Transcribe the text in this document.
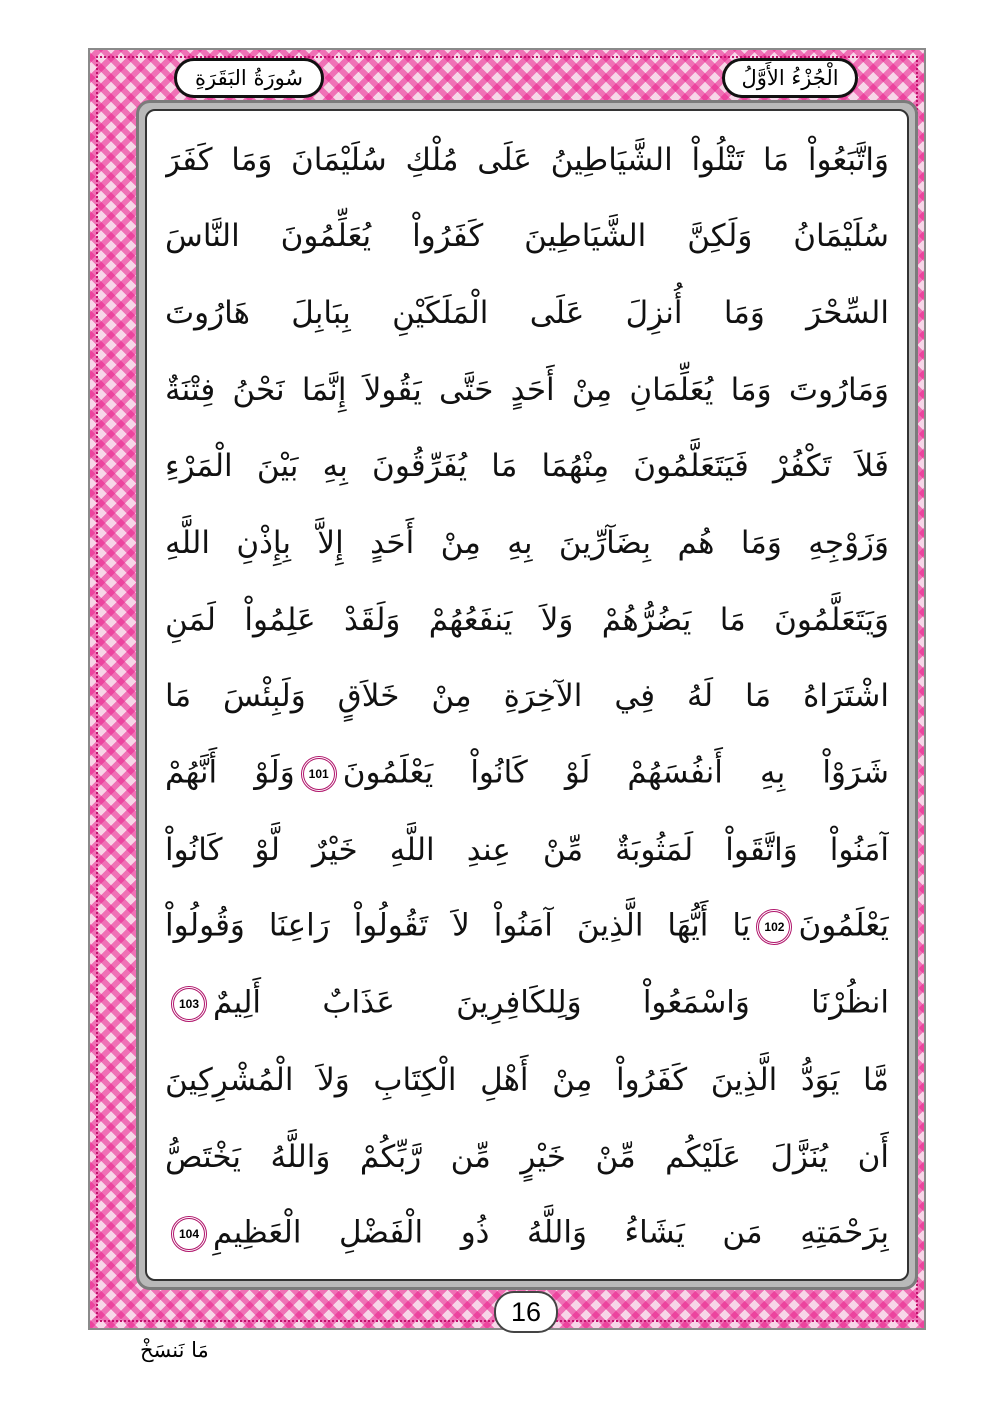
سُورَةُ البَقَرَةِ	الْجُزْءُ الأَوَّلُ
وَاتَّبَعُواْ مَا تَتْلُواْ الشَّيَاطِينُ عَلَى مُلْكِ سُلَيْمَانَ وَمَا كَفَرَ
سُلَيْمَانُ وَلَكِنَّ الشَّيَاطِينَ كَفَرُواْ يُعَلِّمُونَ النَّاسَ
السِّحْرَ وَمَا أُنزِلَ عَلَى الْمَلَكَيْنِ بِبَابِلَ هَارُوتَ
وَمَارُوتَ وَمَا يُعَلِّمَانِ مِنْ أَحَدٍ حَتَّى يَقُولاَ إِنَّمَا نَحْنُ فِتْنَةٌ
فَلاَ تَكْفُرْ فَيَتَعَلَّمُونَ مِنْهُمَا مَا يُفَرِّقُونَ بِهِ بَيْنَ الْمَرْءِ
وَزَوْجِهِ وَمَا هُم بِضَآرِّينَ بِهِ مِنْ أَحَدٍ إِلاَّ بِإِذْنِ اللَّهِ
وَيَتَعَلَّمُونَ مَا يَضُرُّهُمْ وَلاَ يَنفَعُهُمْ وَلَقَدْ عَلِمُواْ لَمَنِ
اشْتَرَاهُ مَا لَهُ فِي الآخِرَةِ مِنْ خَلاَقٍ وَلَبِئْسَ مَا
شَرَوْاْ بِهِ أَنفُسَهُمْ لَوْ كَانُواْ يَعْلَمُونَ101وَلَوْ أَنَّهُمْ
آمَنُواْ وَاتَّقَواْ لَمَثُوبَةٌ مِّنْ عِندِ اللَّهِ خَيْرٌ لَّوْ كَانُواْ
يَعْلَمُونَ102يَا أَيُّهَا الَّذِينَ آمَنُواْ لاَ تَقُولُواْ رَاعِنَا وَقُولُواْ
انظُرْنَا وَاسْمَعُواْ وَلِلكَافِرِينَ عَذَابٌ أَلِيمٌ103
مَّا يَوَدُّ الَّذِينَ كَفَرُواْ مِنْ أَهْلِ الْكِتَابِ وَلاَ الْمُشْرِكِينَ
أَن يُنَزَّلَ عَلَيْكُم مِّنْ خَيْرٍ مِّن رَّبِّكُمْ وَاللَّهُ يَخْتَصُّ
بِرَحْمَتِهِ مَن يَشَاءُ وَاللَّهُ ذُو الْفَضْلِ الْعَظِيمِ104
16
مَا نَنسَخْ
